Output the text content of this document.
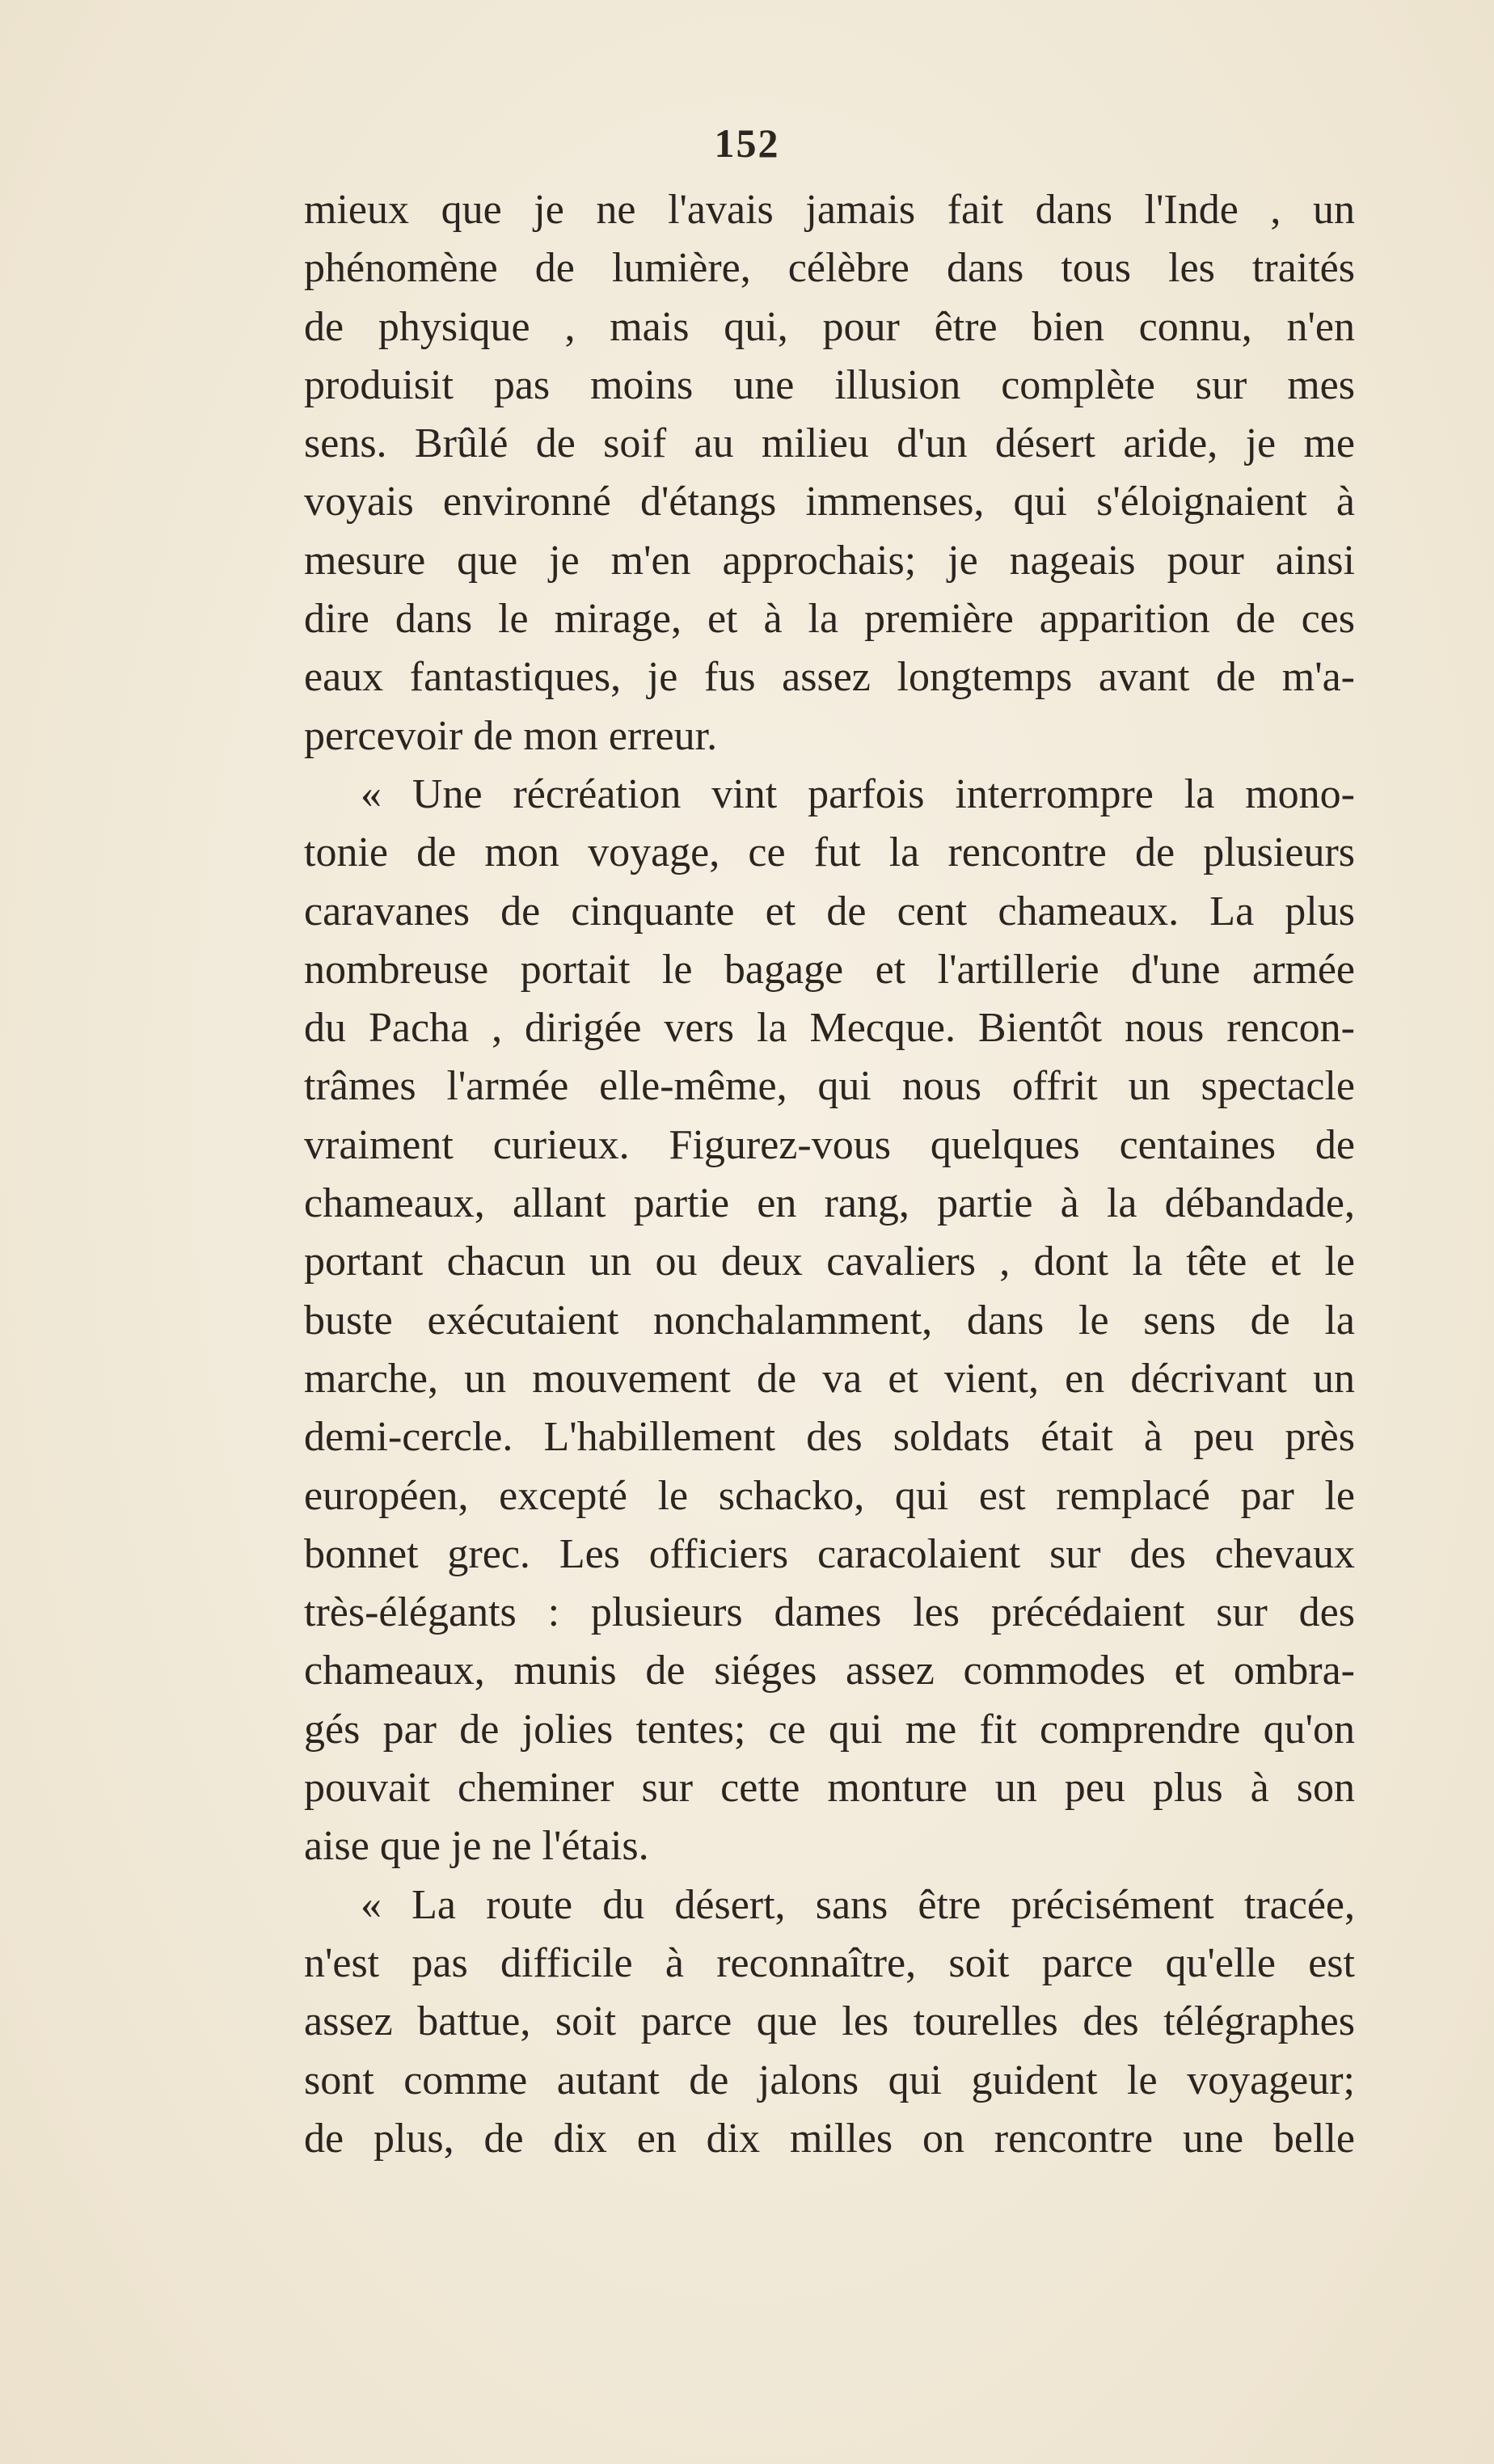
152
mieux que je ne l'avais jamais fait dans l'Inde , un
phénomène de lumière, célèbre dans tous les traités
de physique , mais qui, pour être bien connu, n'en
produisit pas moins une illusion complète sur mes
sens. Brûlé de soif au milieu d'un désert aride, je me
voyais environné d'étangs immenses, qui s'éloignaient à
mesure que je m'en approchais; je nageais pour ainsi
dire dans le mirage, et à la première apparition de ces
eaux fantastiques, je fus assez longtemps avant de m'a-
percevoir de mon erreur.
« Une récréation vint parfois interrompre la mono-
tonie de mon voyage, ce fut la rencontre de plusieurs
caravanes de cinquante et de cent chameaux. La plus
nombreuse portait le bagage et l'artillerie d'une armée
du Pacha , dirigée vers la Mecque. Bientôt nous rencon-
trâmes l'armée elle-même, qui nous offrit un spectacle
vraiment curieux. Figurez-vous quelques centaines de
chameaux, allant partie en rang, partie à la débandade,
portant chacun un ou deux cavaliers , dont la tête et le
buste exécutaient nonchalamment, dans le sens de la
marche, un mouvement de va et vient, en décrivant un
demi-cercle. L'habillement des soldats était à peu près
européen, excepté le schacko, qui est remplacé par le
bonnet grec. Les officiers caracolaient sur des chevaux
très-élégants : plusieurs dames les précédaient sur des
chameaux, munis de siéges assez commodes et ombra-
gés par de jolies tentes; ce qui me fit comprendre qu'on
pouvait cheminer sur cette monture un peu plus à son
aise que je ne l'étais.
« La route du désert, sans être précisément tracée,
n'est pas difficile à reconnaître, soit parce qu'elle est
assez battue, soit parce que les tourelles des télégraphes
sont comme autant de jalons qui guident le voyageur;
de plus, de dix en dix milles on rencontre une belle
